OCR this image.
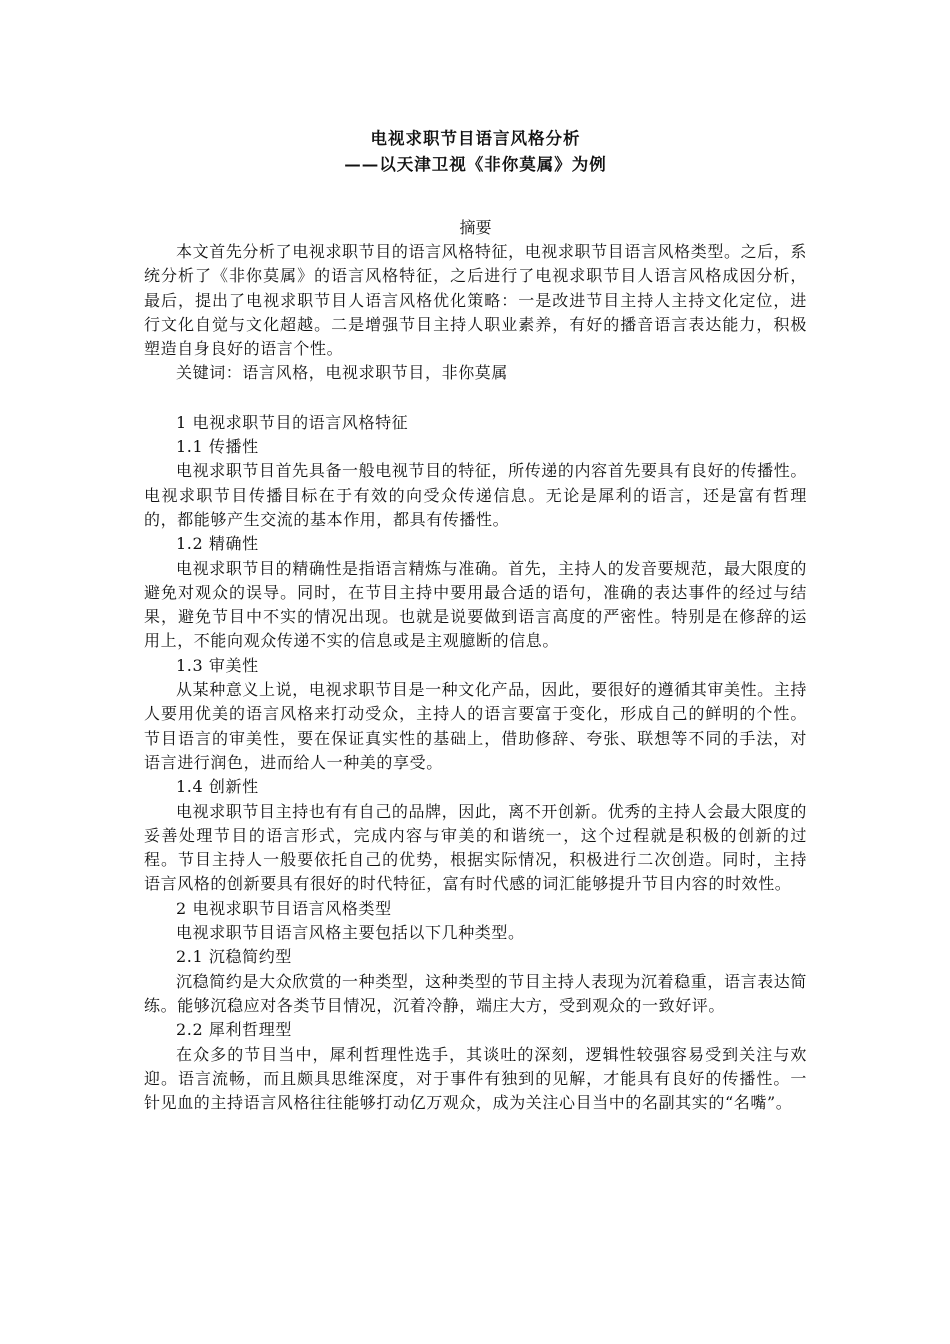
电视求职节目语言风格分析
——以天津卫视《非你莫属》为例
摘要

本文首先分析了电视求职节目的语言风格特征，电视求职节目语言风格类型。之后，系统分析了《非你莫属》的语言风格特征，之后进行了电视求职节目人语言风格成因分析，最后，提出了电视求职节目人语言风格优化策略：一是改进节目主持人主持文化定位，进行文化自觉与文化超越。二是增强节目主持人职业素养，有好的播音语言表达能力，积极塑造自身良好的语言个性。

关键词：语言风格，电视求职节目，非你莫属

1 电视求职节目的语言风格特征

1.1 传播性

电视求职节目首先具备一般电视节目的特征，所传递的内容首先要具有良好的传播性。电视求职节目传播目标在于有效的向受众传递信息。无论是犀利的语言，还是富有哲理的，都能够产生交流的基本作用，都具有传播性。

1.2 精确性

电视求职节目的精确性是指语言精炼与准确。首先，主持人的发音要规范，最大限度的避免对观众的误导。同时，在节目主持中要用最合适的语句，准确的表达事件的经过与结果，避免节目中不实的情况出现。也就是说要做到语言高度的严密性。特别是在修辞的运用上，不能向观众传递不实的信息或是主观臆断的信息。

1.3 审美性

从某种意义上说，电视求职节目是一种文化产品，因此，要很好的遵循其审美性。主持人要用优美的语言风格来打动受众，主持人的语言要富于变化，形成自己的鲜明的个性。节目语言的审美性，要在保证真实性的基础上，借助修辞、夸张、联想等不同的手法，对语言进行润色，进而给人一种美的享受。

1.4 创新性

电视求职节目主持也有有自己的品牌，因此，离不开创新。优秀的主持人会最大限度的妥善处理节目的语言形式，完成内容与审美的和谐统一，这个过程就是积极的创新的过程。节目主持人一般要依托自己的优势，根据实际情况，积极进行二次创造。同时，主持语言风格的创新要具有很好的时代特征，富有时代感的词汇能够提升节目内容的时效性。

2 电视求职节目语言风格类型

电视求职节目语言风格主要包括以下几种类型。

2.1 沉稳简约型

沉稳简约是大众欣赏的一种类型，这种类型的节目主持人表现为沉着稳重，语言表达简练。能够沉稳应对各类节目情况，沉着冷静，端庄大方，受到观众的一致好评。

2.2 犀利哲理型

在众多的节目当中，犀利哲理性选手，其谈吐的深刻，逻辑性较强容易受到关注与欢迎。语言流畅，而且颇具思维深度，对于事件有独到的见解，才能具有良好的传播性。一针见血的主持语言风格往往能够打动亿万观众，成为关注心目当中的名副其实的“名嘴”。
